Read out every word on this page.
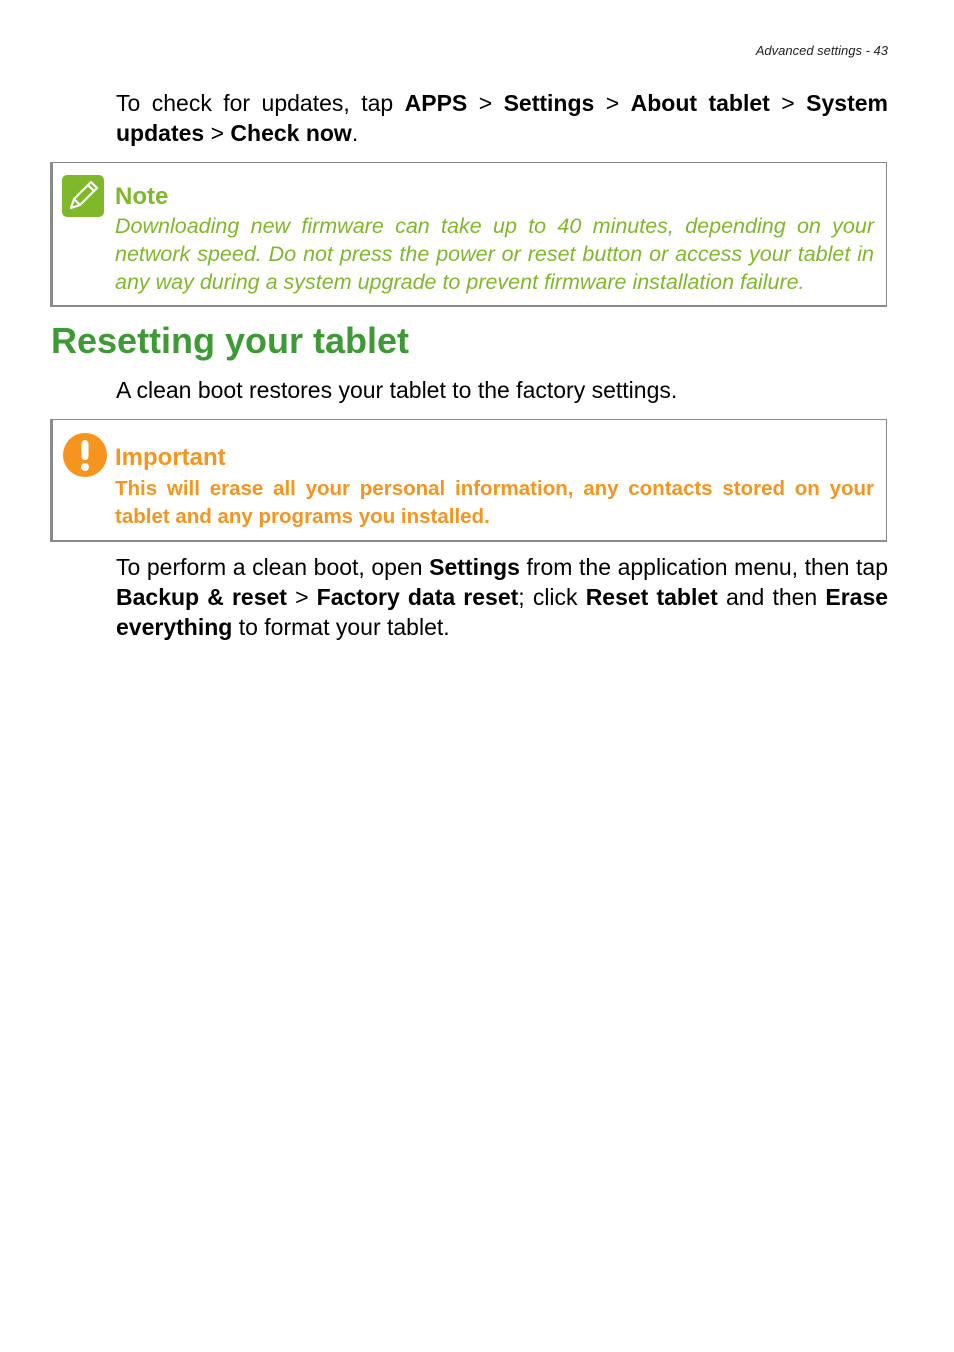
Advanced settings - 43

To check for updates, tap APPS > Settings > About tablet > System updates > Check now.

Note
Downloading new firmware can take up to 40 minutes, depending on your network speed. Do not press the power or reset button or access your tablet in any way during a system upgrade to prevent firmware installation failure.
Resetting your tablet

A clean boot restores your tablet to the factory settings.

Important
This will erase all your personal information, any contacts stored on your tablet and any programs you installed.

To perform a clean boot, open Settings from the application menu, then tap Backup & reset > Factory data reset; click Reset tablet and then Erase everything to format your tablet.
